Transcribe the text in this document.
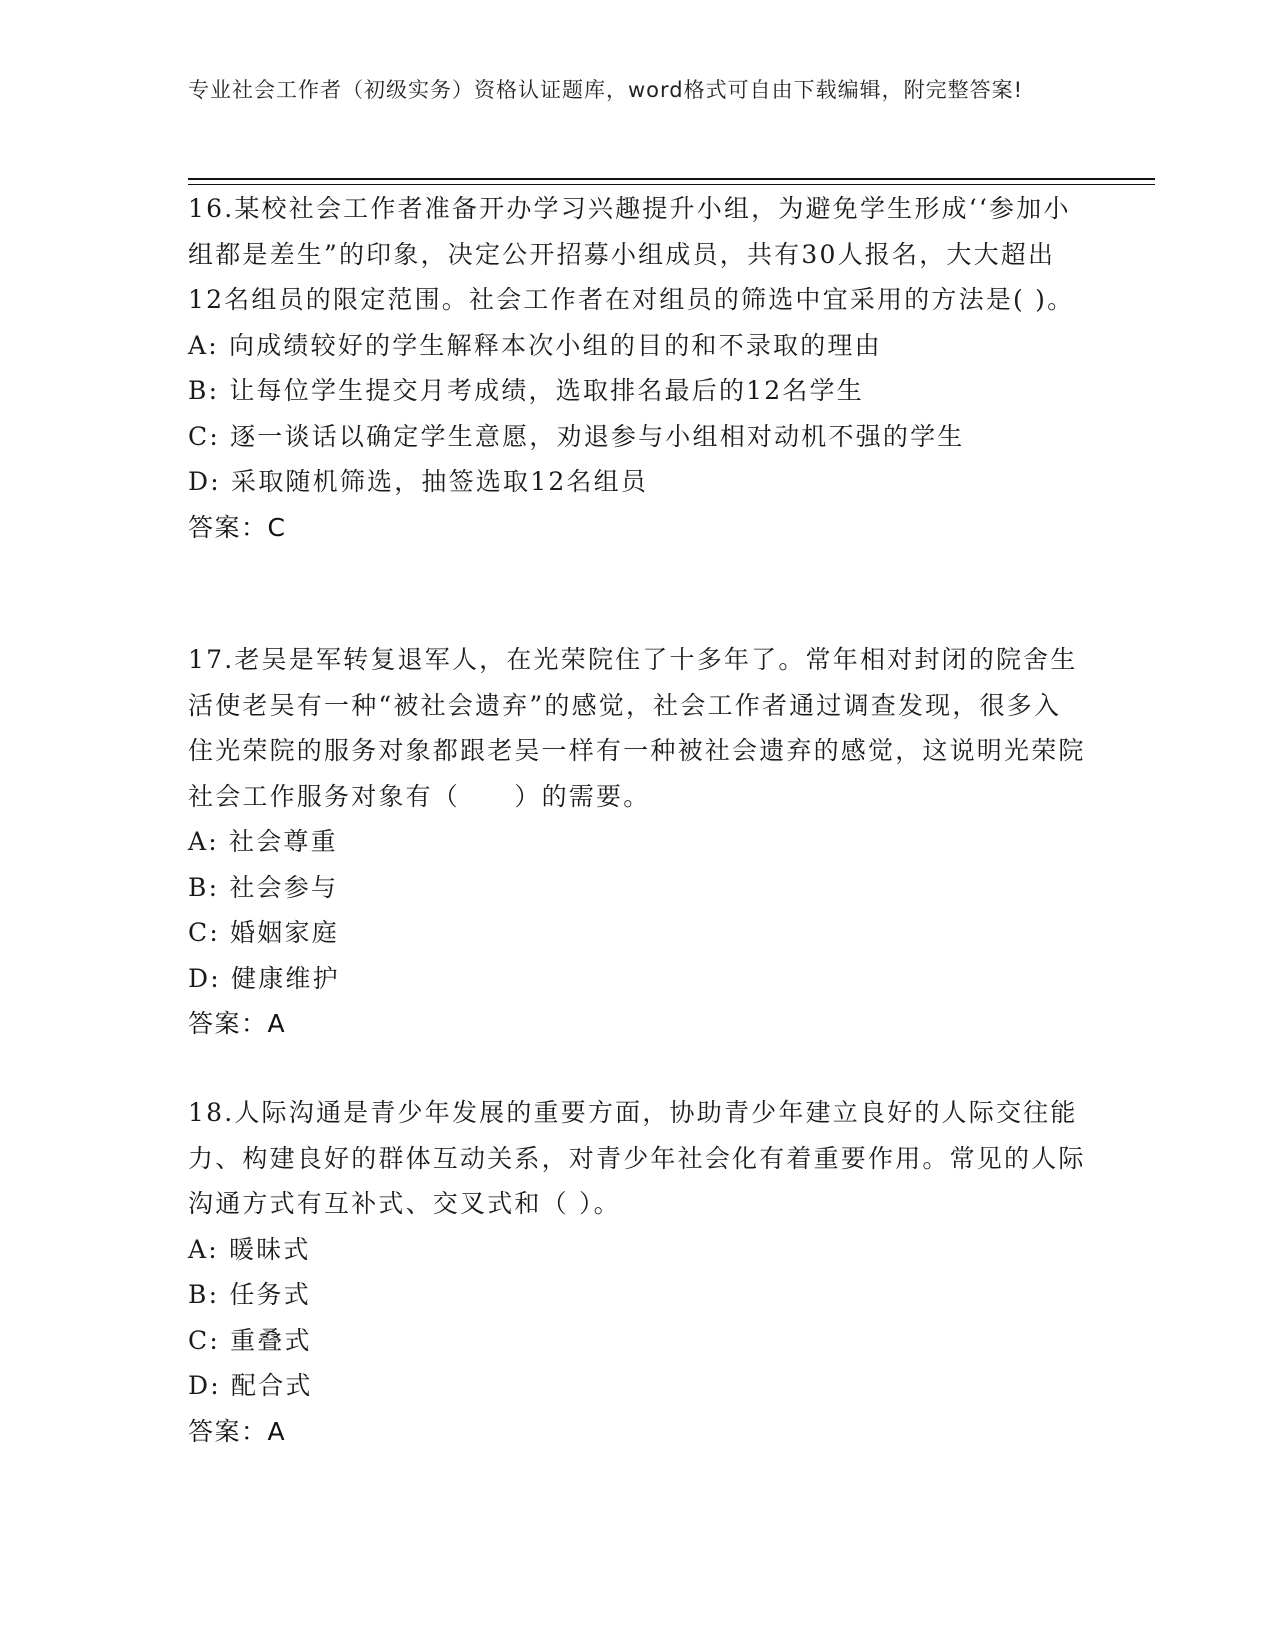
专业社会工作者（初级实务）资格认证题库，word格式可自由下载编辑，附完整答案!

16.某校社会工作者准备开办学习兴趣提升小组，为避免学生形成‘‘参加小组都是差生”的印象，决定公开招募小组成员，共有30人报名，大大超出12名组员的限定范围。社会工作者在对组员的筛选中宜采用的方法是( )。

A: 向成绩较好的学生解释本次小组的目的和不录取的理由

B: 让每位学生提交月考成绩，选取排名最后的12名学生

C: 逐一谈话以确定学生意愿，劝退参与小组相对动机不强的学生

D: 采取随机筛选，抽签选取12名组员

答案：C

17.老吴是军转复退军人，在光荣院住了十多年了。常年相对封闭的院舍生活使老吴有一种“被社会遗弃”的感觉，社会工作者通过调查发现，很多入住光荣院的服务对象都跟老吴一样有一种被社会遗弃的感觉，这说明光荣院社会工作服务对象有（　　）的需要。

A: 社会尊重

B: 社会参与

C: 婚姻家庭

D: 健康维护

答案：A

18.人际沟通是青少年发展的重要方面，协助青少年建立良好的人际交往能力、构建良好的群体互动关系，对青少年社会化有着重要作用。常见的人际沟通方式有互补式、交叉式和（ ）。

A: 暖昧式

B: 任务式

C: 重叠式

D: 配合式

答案：A
